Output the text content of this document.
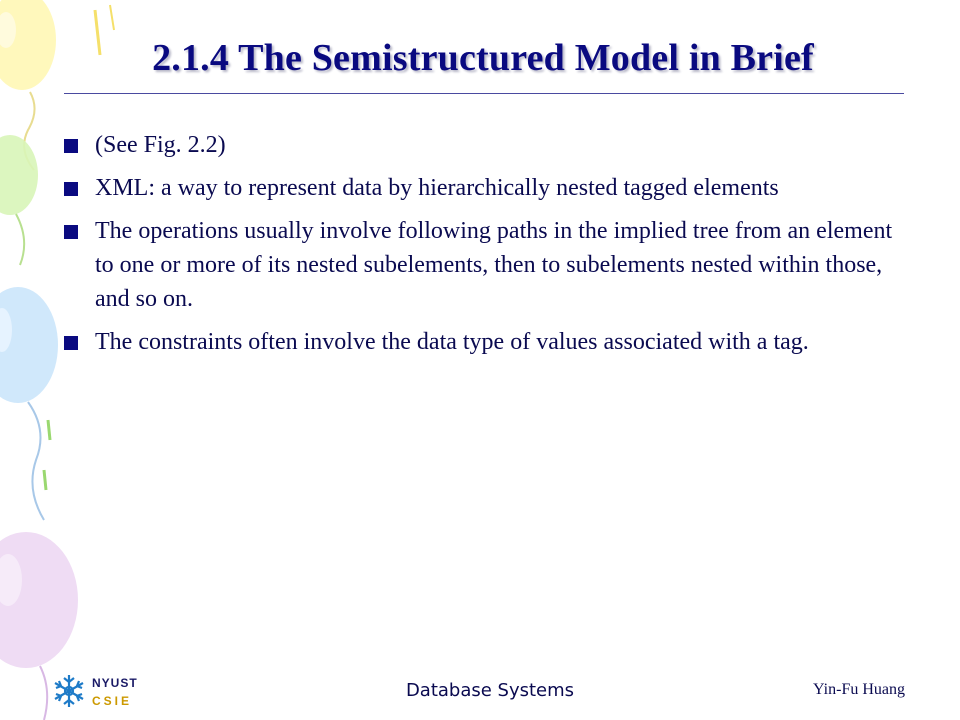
2.1.4 The Semistructured Model in Brief
(See Fig. 2.2)
XML: a way to represent data by hierarchically nested tagged elements
The operations usually involve following paths in the implied tree from an element to one or more of its nested subelements, then to subelements nested within those, and so on.
The constraints often involve the data type of values associated with a tag.
NYUST
CSIE	Database Systems	Yin-Fu Huang
